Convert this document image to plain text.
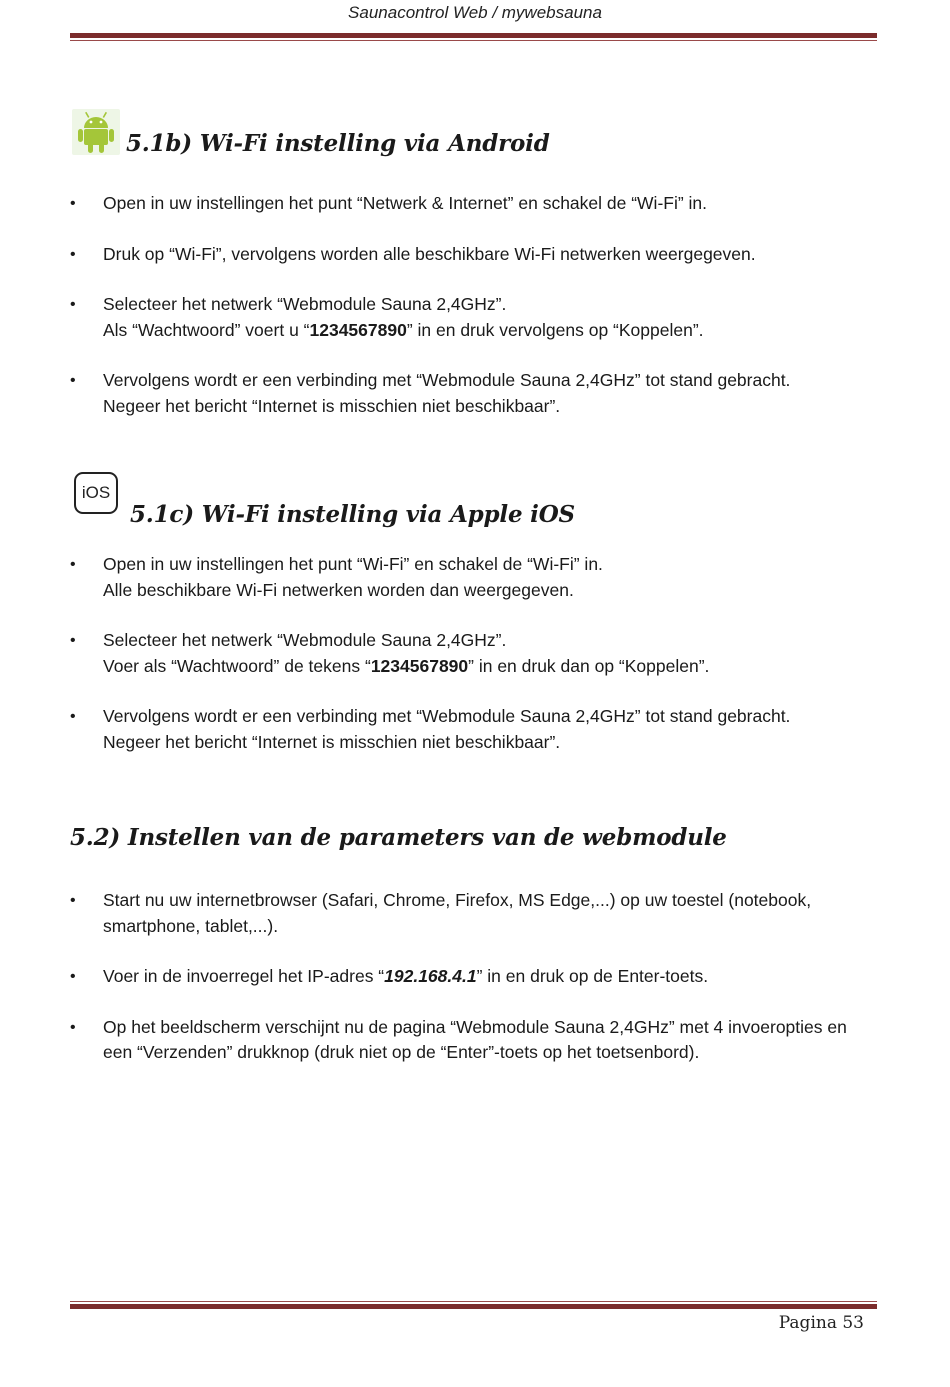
Saunacontrol Web / mywebsauna
5.1b) Wi-Fi instelling via Android
• Open in uw instellingen het punt “Netwerk & Internet” en schakel de “Wi-Fi” in.
• Druk op “Wi-Fi”, vervolgens worden alle beschikbare Wi-Fi netwerken weergegeven.
• Selecteer het netwerk “Webmodule Sauna 2,4GHz”.
Als “Wachtwoord” voert u “1234567890” in en druk vervolgens op “Koppelen”.
• Vervolgens wordt er een verbinding met “Webmodule Sauna 2,4GHz” tot stand gebracht.
Negeer het bericht “Internet is misschien niet beschikbaar”.
iOS
5.1c) Wi-Fi instelling via Apple iOS
• Open in uw instellingen het punt “Wi-Fi” en schakel de “Wi-Fi” in.
Alle beschikbare Wi-Fi netwerken worden dan weergegeven.
• Selecteer het netwerk “Webmodule Sauna 2,4GHz”.
Voer als “Wachtwoord” de tekens “1234567890” in en druk dan op “Koppelen”.
• Vervolgens wordt er een verbinding met “Webmodule Sauna 2,4GHz” tot stand gebracht.
Negeer het bericht “Internet is misschien niet beschikbaar”.
5.2) Instellen van de parameters van de webmodule
• Start nu uw internetbrowser (Safari, Chrome, Firefox, MS Edge,...) op uw toestel (notebook,
smartphone, tablet,...).
• Voer in de invoerregel het IP-adres “192.168.4.1” in en druk op de Enter-toets.
• Op het beeldscherm verschijnt nu de pagina “Webmodule Sauna 2,4GHz” met 4 invoeropties en
een “Verzenden” drukknop (druk niet op de “Enter”-toets op het toetsenbord).
Pagina 53
